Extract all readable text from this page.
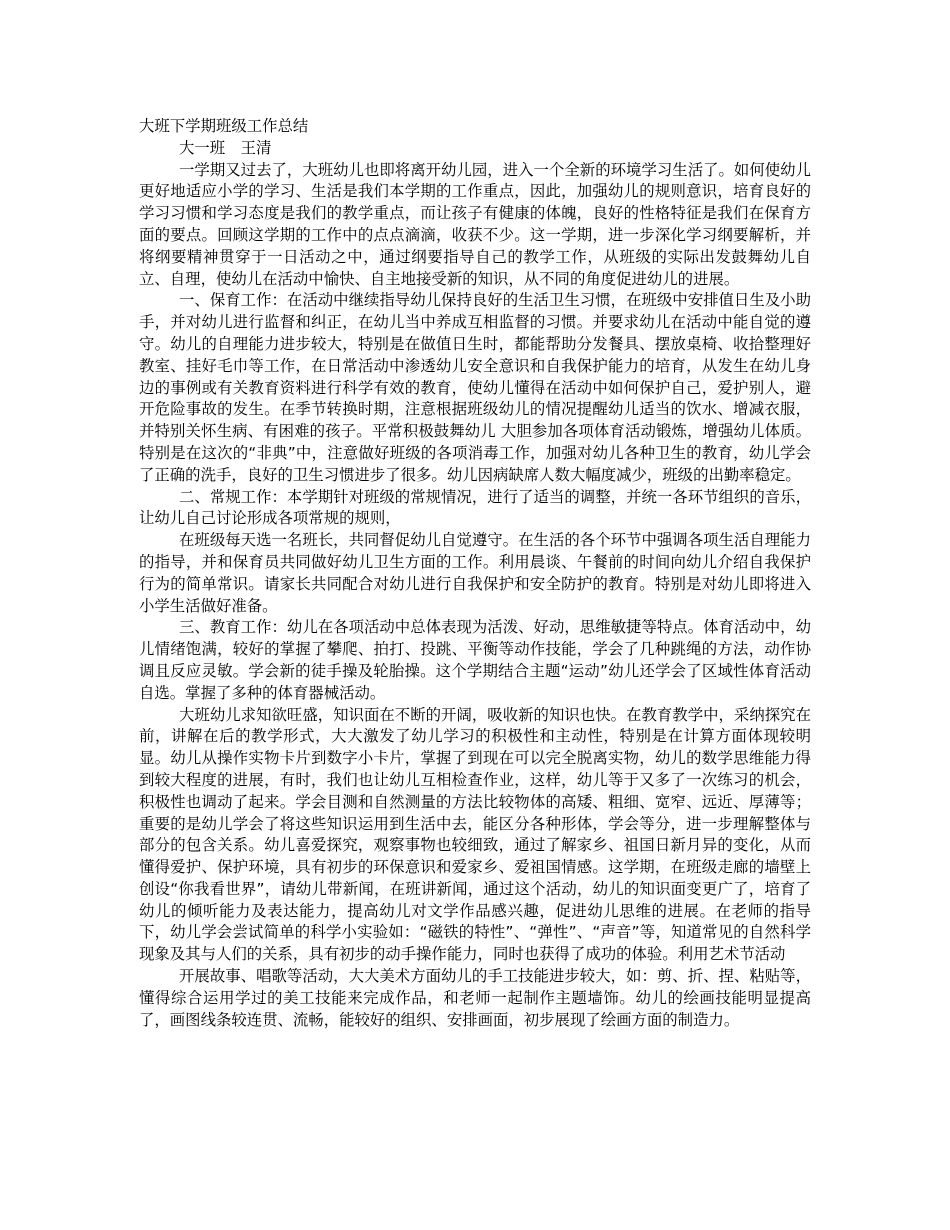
大班下学期班级工作总结

大一班　王清

一学期又过去了，大班幼儿也即将离开幼儿园，进入一个全新的环境学习生活了。如何使幼儿更好地适应小学的学习、生活是我们本学期的工作重点，因此，加强幼儿的规则意识，培育良好的学习习惯和学习态度是我们的教学重点，而让孩子有健康的体魄，良好的性格特征是我们在保育方面的要点。回顾这学期的工作中的点点滴滴，收获不少。这一学期，进一步深化学习纲要解析，并将纲要精神贯穿于一日活动之中，通过纲要指导自己的教学工作，从班级的实际出发鼓舞幼儿自立、自理，使幼儿在活动中愉快、自主地接受新的知识，从不同的角度促进幼儿的进展。

一、保育工作：在活动中继续指导幼儿保持良好的生活卫生习惯，在班级中安排值日生及小助手，并对幼儿进行监督和纠正，在幼儿当中养成互相监督的习惯。并要求幼儿在活动中能自觉的遵守。幼儿的自理能力进步较大，特别是在做值日生时，都能帮助分发餐具、摆放桌椅、收拾整理好教室、挂好毛巾等工作，在日常活动中渗透幼儿安全意识和自我保护能力的培育，从发生在幼儿身边的事例或有关教育资料进行科学有效的教育，使幼儿懂得在活动中如何保护自己，爱护别人，避开危险事故的发生。在季节转换时期，注意根据班级幼儿的情况提醒幼儿适当的饮水、增减衣服，并特别关怀生病、有困难的孩子。平常积极鼓舞幼儿 大胆参加各项体育活动锻炼，增强幼儿体质。特别是在这次的“非典”中，注意做好班级的各项消毒工作，加强对幼儿各种卫生的教育，幼儿学会了正确的洗手，良好的卫生习惯进步了很多。幼儿因病缺席人数大幅度减少，班级的出勤率稳定。

二、常规工作：本学期针对班级的常规情况，进行了适当的调整，并统一各环节组织的音乐，让幼儿自己讨论形成各项常规的规则，

在班级每天选一名班长，共同督促幼儿自觉遵守。在生活的各个环节中强调各项生活自理能力的指导，并和保育员共同做好幼儿卫生方面的工作。利用晨谈、午餐前的时间向幼儿介绍自我保护行为的简单常识。请家长共同配合对幼儿进行自我保护和安全防护的教育。特别是对幼儿即将进入小学生活做好准备。

三、教育工作：幼儿在各项活动中总体表现为活泼、好动，思维敏捷等特点。体育活动中，幼儿情绪饱满，较好的掌握了攀爬、拍打、投跳、平衡等动作技能，学会了几种跳绳的方法，动作协调且反应灵敏。学会新的徒手操及轮胎操。这个学期结合主题“运动”幼儿还学会了区域性体育活动自选。掌握了多种的体育器械活动。

大班幼儿求知欲旺盛，知识面在不断的开阔，吸收新的知识也快。在教育教学中，采纳探究在前，讲解在后的教学形式，大大激发了幼儿学习的积极性和主动性，特别是在计算方面体现较明显。幼儿从操作实物卡片到数字小卡片，掌握了到现在可以完全脱离实物，幼儿的数学思维能力得到较大程度的进展，有时，我们也让幼儿互相检查作业，这样，幼儿等于又多了一次练习的机会，积极性也调动了起来。学会目测和自然测量的方法比较物体的高矮、粗细、宽窄、远近、厚薄等；重要的是幼儿学会了将这些知识运用到生活中去，能区分各种形体，学会等分，进一步理解整体与部分的包含关系。幼儿喜爱探究，观察事物也较细致，通过了解家乡、祖国日新月异的变化，从而懂得爱护、保护环境，具有初步的环保意识和爱家乡、爱祖国情感。这学期，在班级走廊的墙壁上创设“你我看世界”，请幼儿带新闻，在班讲新闻，通过这个活动，幼儿的知识面变更广了，培育了幼儿的倾听能力及表达能力，提高幼儿对文学作品感兴趣，促进幼儿思维的进展。在老师的指导下，幼儿学会尝试简单的科学小实验如：“磁铁的特性”、“弹性”、“声音”等，知道常见的自然科学现象及其与人们的关系，具有初步的动手操作能力，同时也获得了成功的体验。利用艺术节活动

开展故事、唱歌等活动，大大美术方面幼儿的手工技能进步较大，如：剪、折、捏、粘贴等，懂得综合运用学过的美工技能来完成作品，和老师一起制作主题墙饰。幼儿的绘画技能明显提高了，画图线条较连贯、流畅，能较好的组织、安排画面，初步展现了绘画方面的制造力。
